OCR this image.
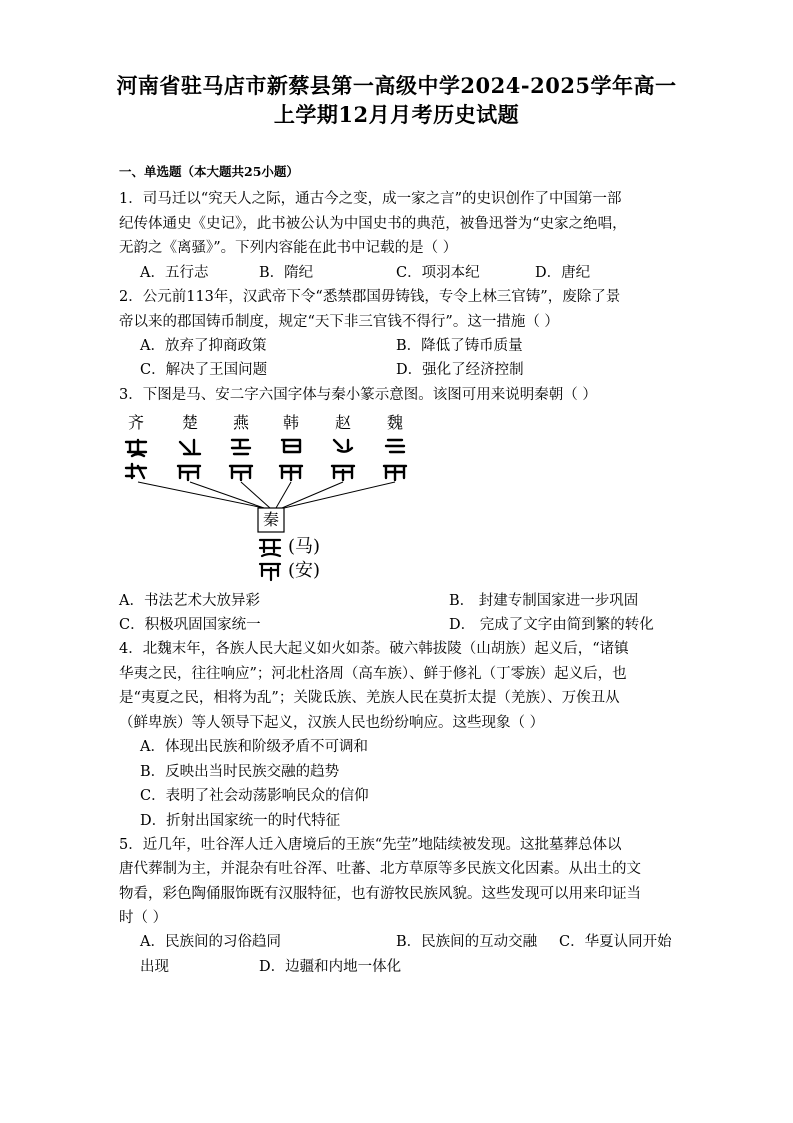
河南省驻马店市新蔡县第一高级中学2024-2025学年高一
上学期12月月考历史试题
一、单选题（本大题共25小题）
1．司马迁以“究天人之际，通古今之变，成一家之言”的史识创作了中国第一部
纪传体通史《史记》，此书被公认为中国史书的典范，被鲁迅誉为“史家之绝唱，
无韵之《离骚》”。下列内容能在此书中记载的是（ ）
A．五行志	B．隋纪	C．项羽本纪	D．唐纪
2．公元前113年，汉武帝下令“悉禁郡国毋铸钱，专令上林三官铸”，废除了景
帝以来的郡国铸币制度，规定“天下非三官钱不得行”。这一措施（ ）
A．放弃了抑商政策	B．降低了铸币质量
C．解决了王国问题	D．强化了经济控制
3．下图是马、安二字六国字体与秦小篆示意图。该图可用来说明秦朝（ ）
齐 楚 燕 韩 赵 魏
秦
(马)
(安)
A．书法艺术大放异彩	B． 封建专制国家进一步巩固
C．积极巩固国家统一	D． 完成了文字由简到繁的转化
4．北魏末年，各族人民大起义如火如荼。破六韩拔陵（山胡族）起义后，“诸镇
华夷之民，往往响应”；河北杜洛周（高车族）、鲜于修礼（丁零族）起义后，也
是“夷夏之民，相将为乱”；关陇氐族、羌族人民在莫折太提（羌族）、万俟丑从
（鲜卑族）等人领导下起义，汉族人民也纷纷响应。这些现象（ ）
A．体现出民族和阶级矛盾不可调和
B．反映出当时民族交融的趋势
C．表明了社会动荡影响民众的信仰
D．折射出国家统一的时代特征
5．近几年，吐谷浑人迁入唐境后的王族“先茔”地陆续被发现。这批墓葬总体以
唐代葬制为主，并混杂有吐谷浑、吐蕃、北方草原等多民族文化因素。从出土的文
物看，彩色陶俑服饰既有汉服特征，也有游牧民族风貌。这些发现可以用来印证当
时（ ）
A．民族间的习俗趋同	B．民族间的互动交融 C．华夏认同开始
出现	D．边疆和内地一体化
